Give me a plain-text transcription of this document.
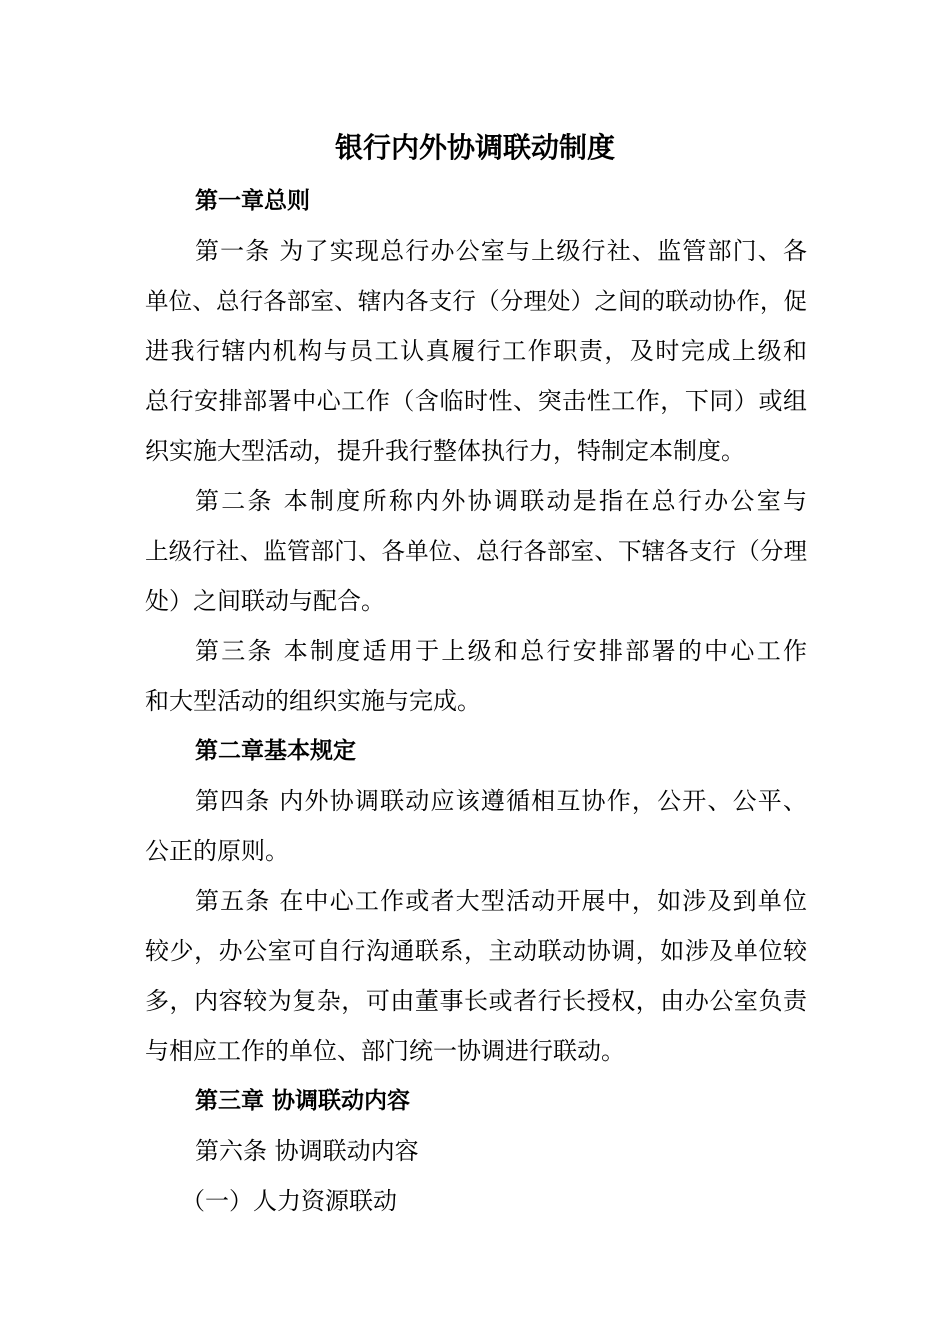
银行内外协调联动制度
第一章总则
第一条 为了实现总行办公室与上级行社、监管部门、各
单位、总行各部室、辖内各支行（分理处）之间的联动协作，促
进我行辖内机构与员工认真履行工作职责，及时完成上级和
总行安排部署中心工作（含临时性、突击性工作，下同）或组
织实施大型活动，提升我行整体执行力，特制定本制度。
第二条 本制度所称内外协调联动是指在总行办公室与
上级行社、监管部门、各单位、总行各部室、下辖各支行（分理
处）之间联动与配合。
第三条 本制度适用于上级和总行安排部署的中心工作
和大型活动的组织实施与完成。
第二章基本规定
第四条 内外协调联动应该遵循相互协作，公开、公平、
公正的原则。
第五条 在中心工作或者大型活动开展中，如涉及到单位
较少，办公室可自行沟通联系，主动联动协调，如涉及单位较
多，内容较为复杂，可由董事长或者行长授权，由办公室负责
与相应工作的单位、部门统一协调进行联动。
第三章 协调联动内容
第六条 协调联动内容
（一）人力资源联动
